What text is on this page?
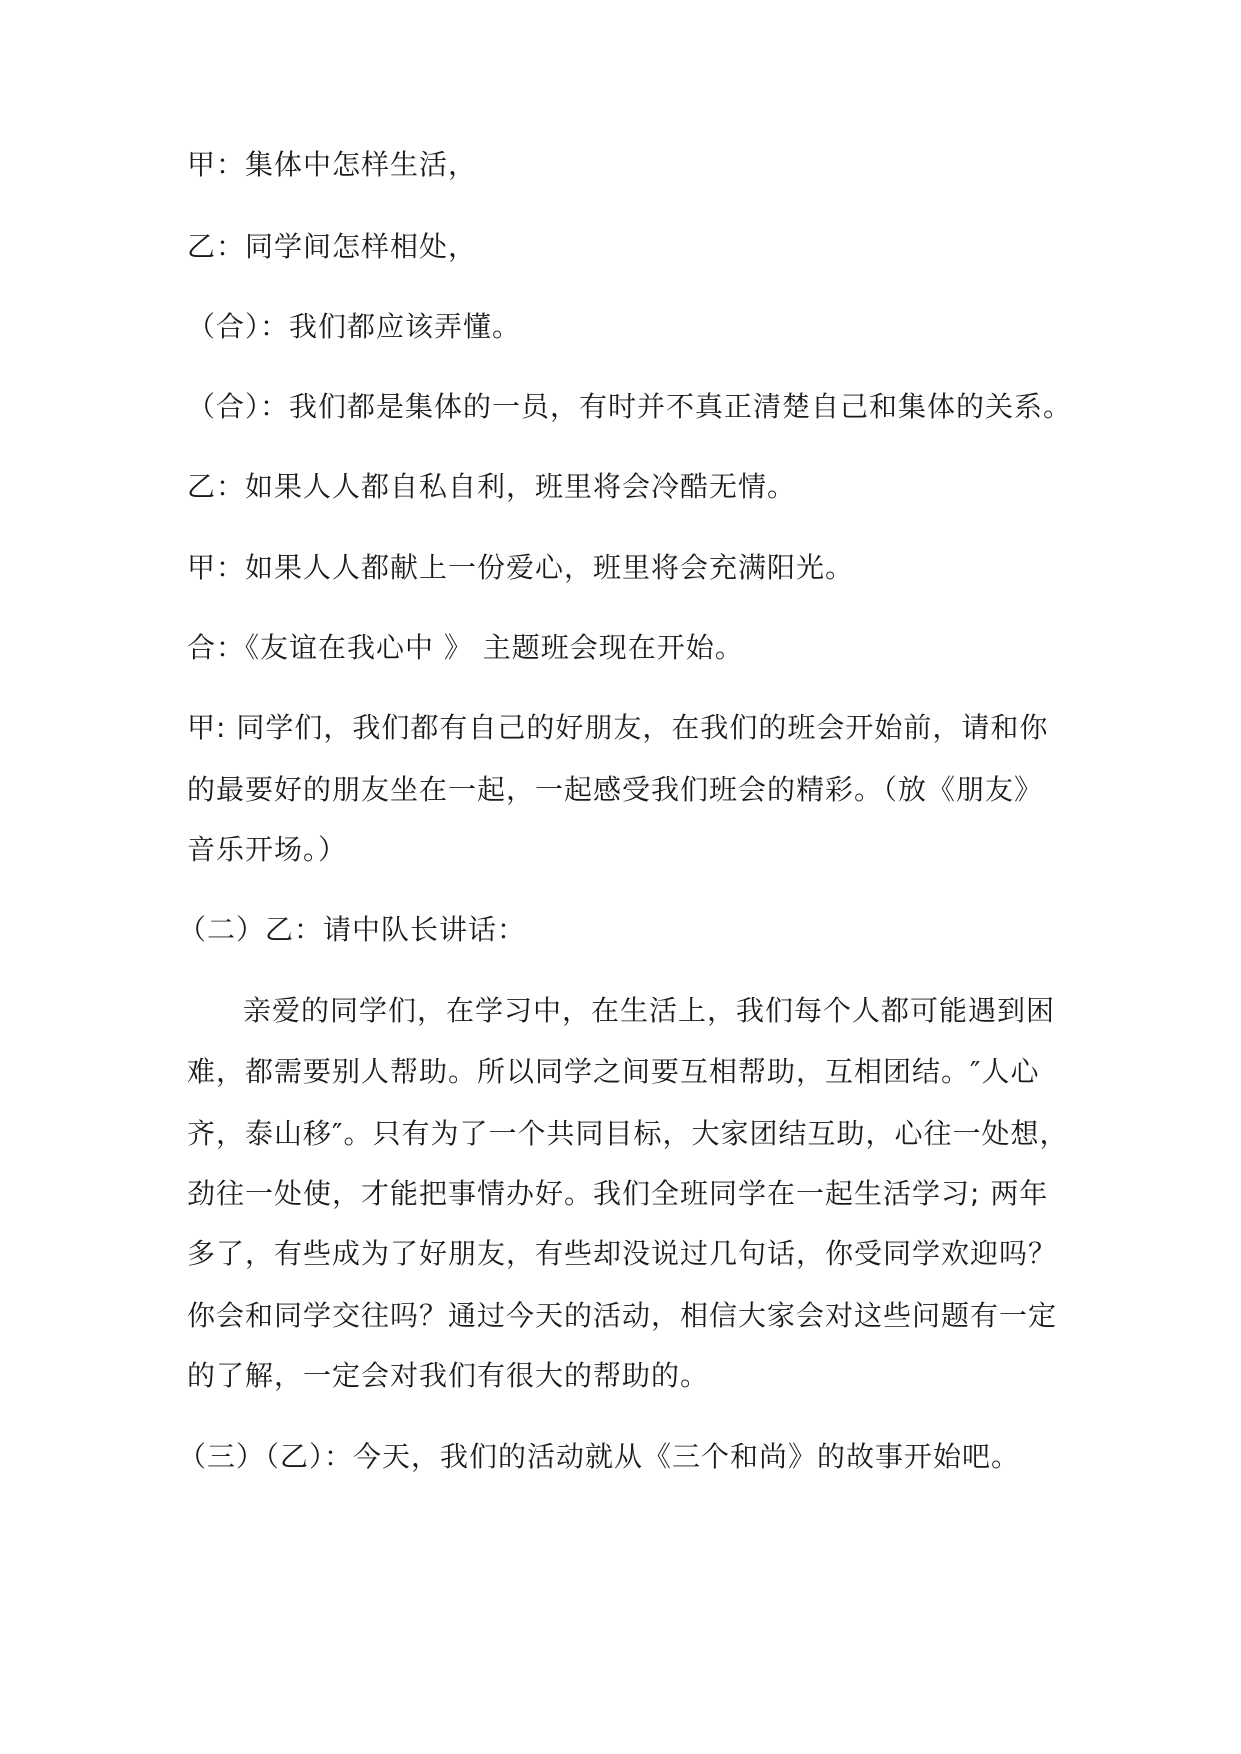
甲：集体中怎样生活，
乙：同学间怎样相处，
（合）：我们都应该弄懂。
（合）：我们都是集体的一员，有时并不真正清楚自己和集体的关系。
乙：如果人人都自私自利，班里将会冷酷无情。
甲：如果人人都献上一份爱心，班里将会充满阳光。
合：《友谊在我心中 》 主题班会现在开始。
甲: 同学们，我们都有自己的好朋友，在我们的班会开始前，请和你
的最要好的朋友坐在一起，一起感受我们班会的精彩。（放《朋友》
音乐开场。）
（二）乙：请中队长讲话：
亲爱的同学们，在学习中，在生活上，我们每个人都可能遇到困
难，都需要别人帮助。所以同学之间要互相帮助，互相团结。″人心
齐，泰山移″。只有为了一个共同目标，大家团结互助，心往一处想，
劲往一处使，才能把事情办好。我们全班同学在一起生活学习; 两年
多了，有些成为了好朋友，有些却没说过几句话，你受同学欢迎吗？
你会和同学交往吗？通过今天的活动，相信大家会对这些问题有一定
的了解，一定会对我们有很大的帮助的。
（三）（乙）：今天，我们的活动就从《三个和尚》的故事开始吧。
